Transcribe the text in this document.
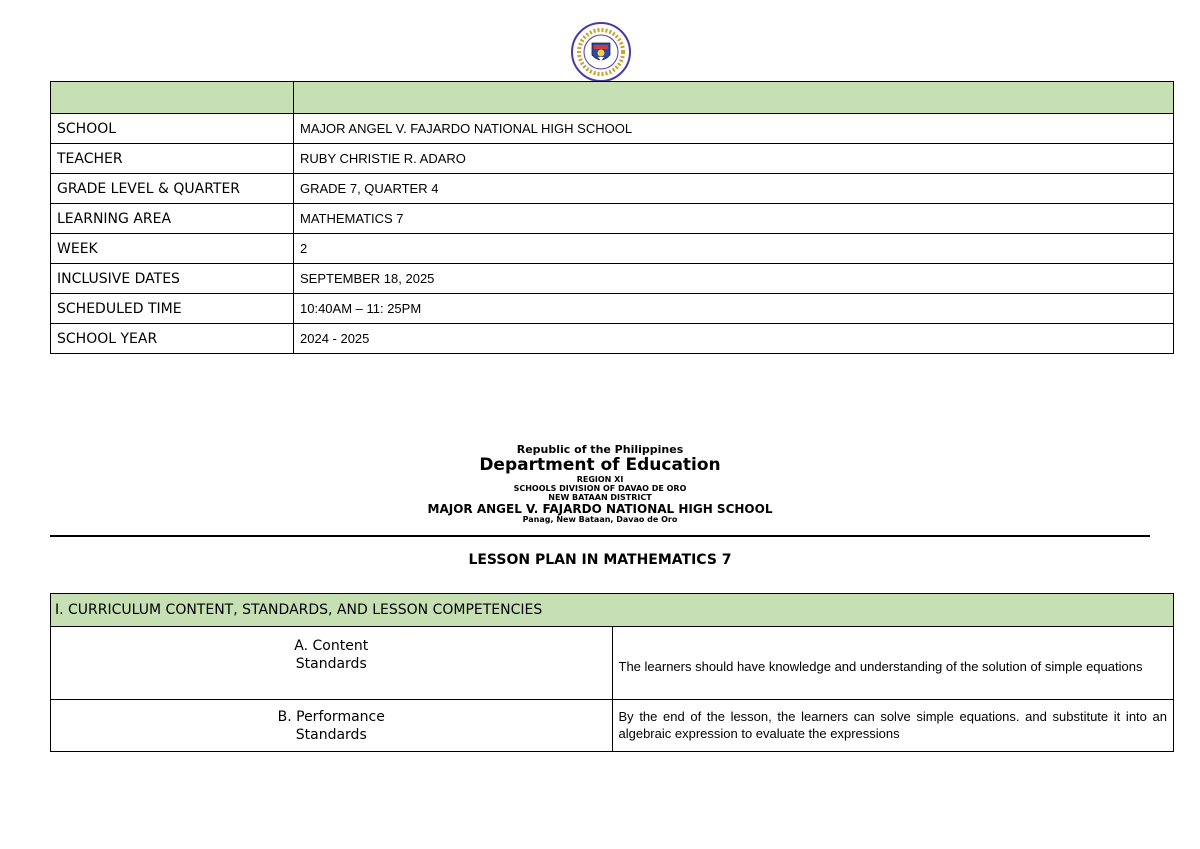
SCHOOL	MAJOR ANGEL V. FAJARDO NATIONAL HIGH SCHOOL
TEACHER	RUBY CHRISTIE R. ADARO
GRADE LEVEL & QUARTER	GRADE 7, QUARTER 4
LEARNING AREA	MATHEMATICS 7
WEEK	2
INCLUSIVE DATES	SEPTEMBER 18, 2025
SCHEDULED TIME	10:40AM – 11: 25PM
SCHOOL YEAR	2024 - 2025
Republic of the Philippines
Department of Education
REGION XI
SCHOOLS DIVISION OF DAVAO DE ORO
NEW BATAAN DISTRICT
MAJOR ANGEL V. FAJARDO NATIONAL HIGH SCHOOL
Panag, New Bataan, Davao de Oro
LESSON PLAN IN MATHEMATICS 7
I. CURRICULUM CONTENT, STANDARDS, AND LESSON COMPETENCIES	
A. Content
Standards	The learners should have knowledge and understanding of the solution of simple equations
B. Performance
Standards	By the end of the lesson, the learners can solve simple equations. and substitute it into an algebraic expression to evaluate the expressions
